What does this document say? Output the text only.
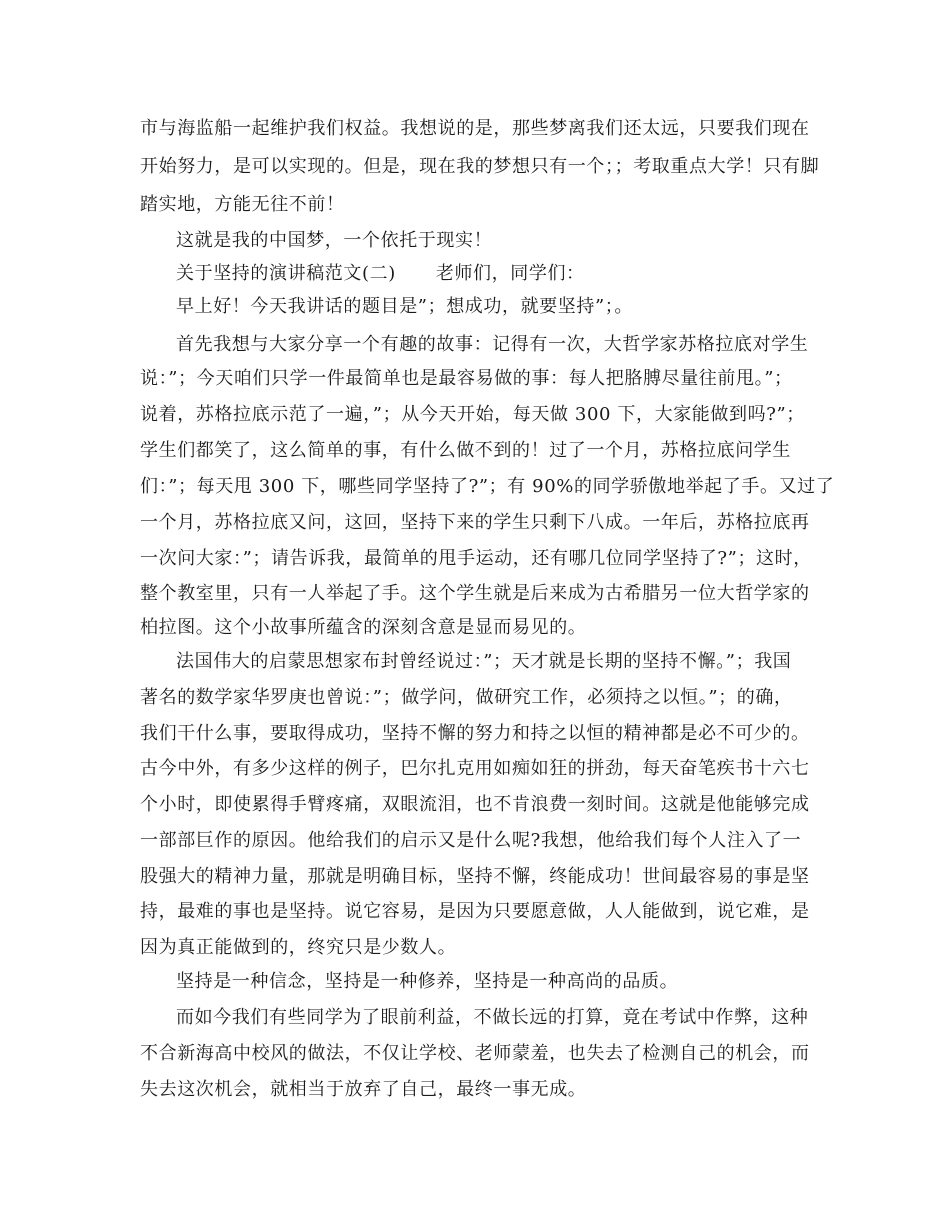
市与海监船一起维护我们权益。我想说的是，那些梦离我们还太远，只要我们现在
开始努力，是可以实现的。但是，现在我的梦想只有一个；；考取重点大学！只有脚
踏实地，方能无往不前！
这就是我的中国梦，一个依托于现实！
关于坚持的演讲稿范文(二) 老师们，同学们：
早上好！今天我讲话的题目是”；想成功，就要坚持”；。
首先我想与大家分享一个有趣的故事：记得有一次，大哲学家苏格拉底对学生
说：”；今天咱们只学一件最简单也是最容易做的事：每人把胳膊尽量往前甩。”；
说着，苏格拉底示范了一遍，”；从今天开始，每天做 300 下，大家能做到吗?”；
学生们都笑了，这么简单的事，有什么做不到的！过了一个月，苏格拉底问学生
们：”；每天甩 300 下，哪些同学坚持了?”；有 90%的同学骄傲地举起了手。又过了
一个月，苏格拉底又问，这回，坚持下来的学生只剩下八成。一年后，苏格拉底再
一次问大家：”；请告诉我，最简单的甩手运动，还有哪几位同学坚持了?”；这时，
整个教室里，只有一人举起了手。这个学生就是后来成为古希腊另一位大哲学家的
柏拉图。这个小故事所蕴含的深刻含意是显而易见的。
法国伟大的启蒙思想家布封曾经说过：”；天才就是长期的坚持不懈。”；我国
著名的数学家华罗庚也曾说：”；做学问，做研究工作，必须持之以恒。”；的确，
我们干什么事，要取得成功，坚持不懈的努力和持之以恒的精神都是必不可少的。
古今中外，有多少这样的例子，巴尔扎克用如痴如狂的拼劲，每天奋笔疾书十六七
个小时，即使累得手臂疼痛，双眼流泪，也不肯浪费一刻时间。这就是他能够完成
一部部巨作的原因。他给我们的启示又是什么呢?我想，他给我们每个人注入了一
股强大的精神力量，那就是明确目标，坚持不懈，终能成功！世间最容易的事是坚
持，最难的事也是坚持。说它容易，是因为只要愿意做，人人能做到，说它难，是
因为真正能做到的，终究只是少数人。
坚持是一种信念，坚持是一种修养，坚持是一种高尚的品质。
而如今我们有些同学为了眼前利益，不做长远的打算，竟在考试中作弊，这种
不合新海高中校风的做法，不仅让学校、老师蒙羞，也失去了检测自己的机会，而
失去这次机会，就相当于放弃了自己，最终一事无成。
